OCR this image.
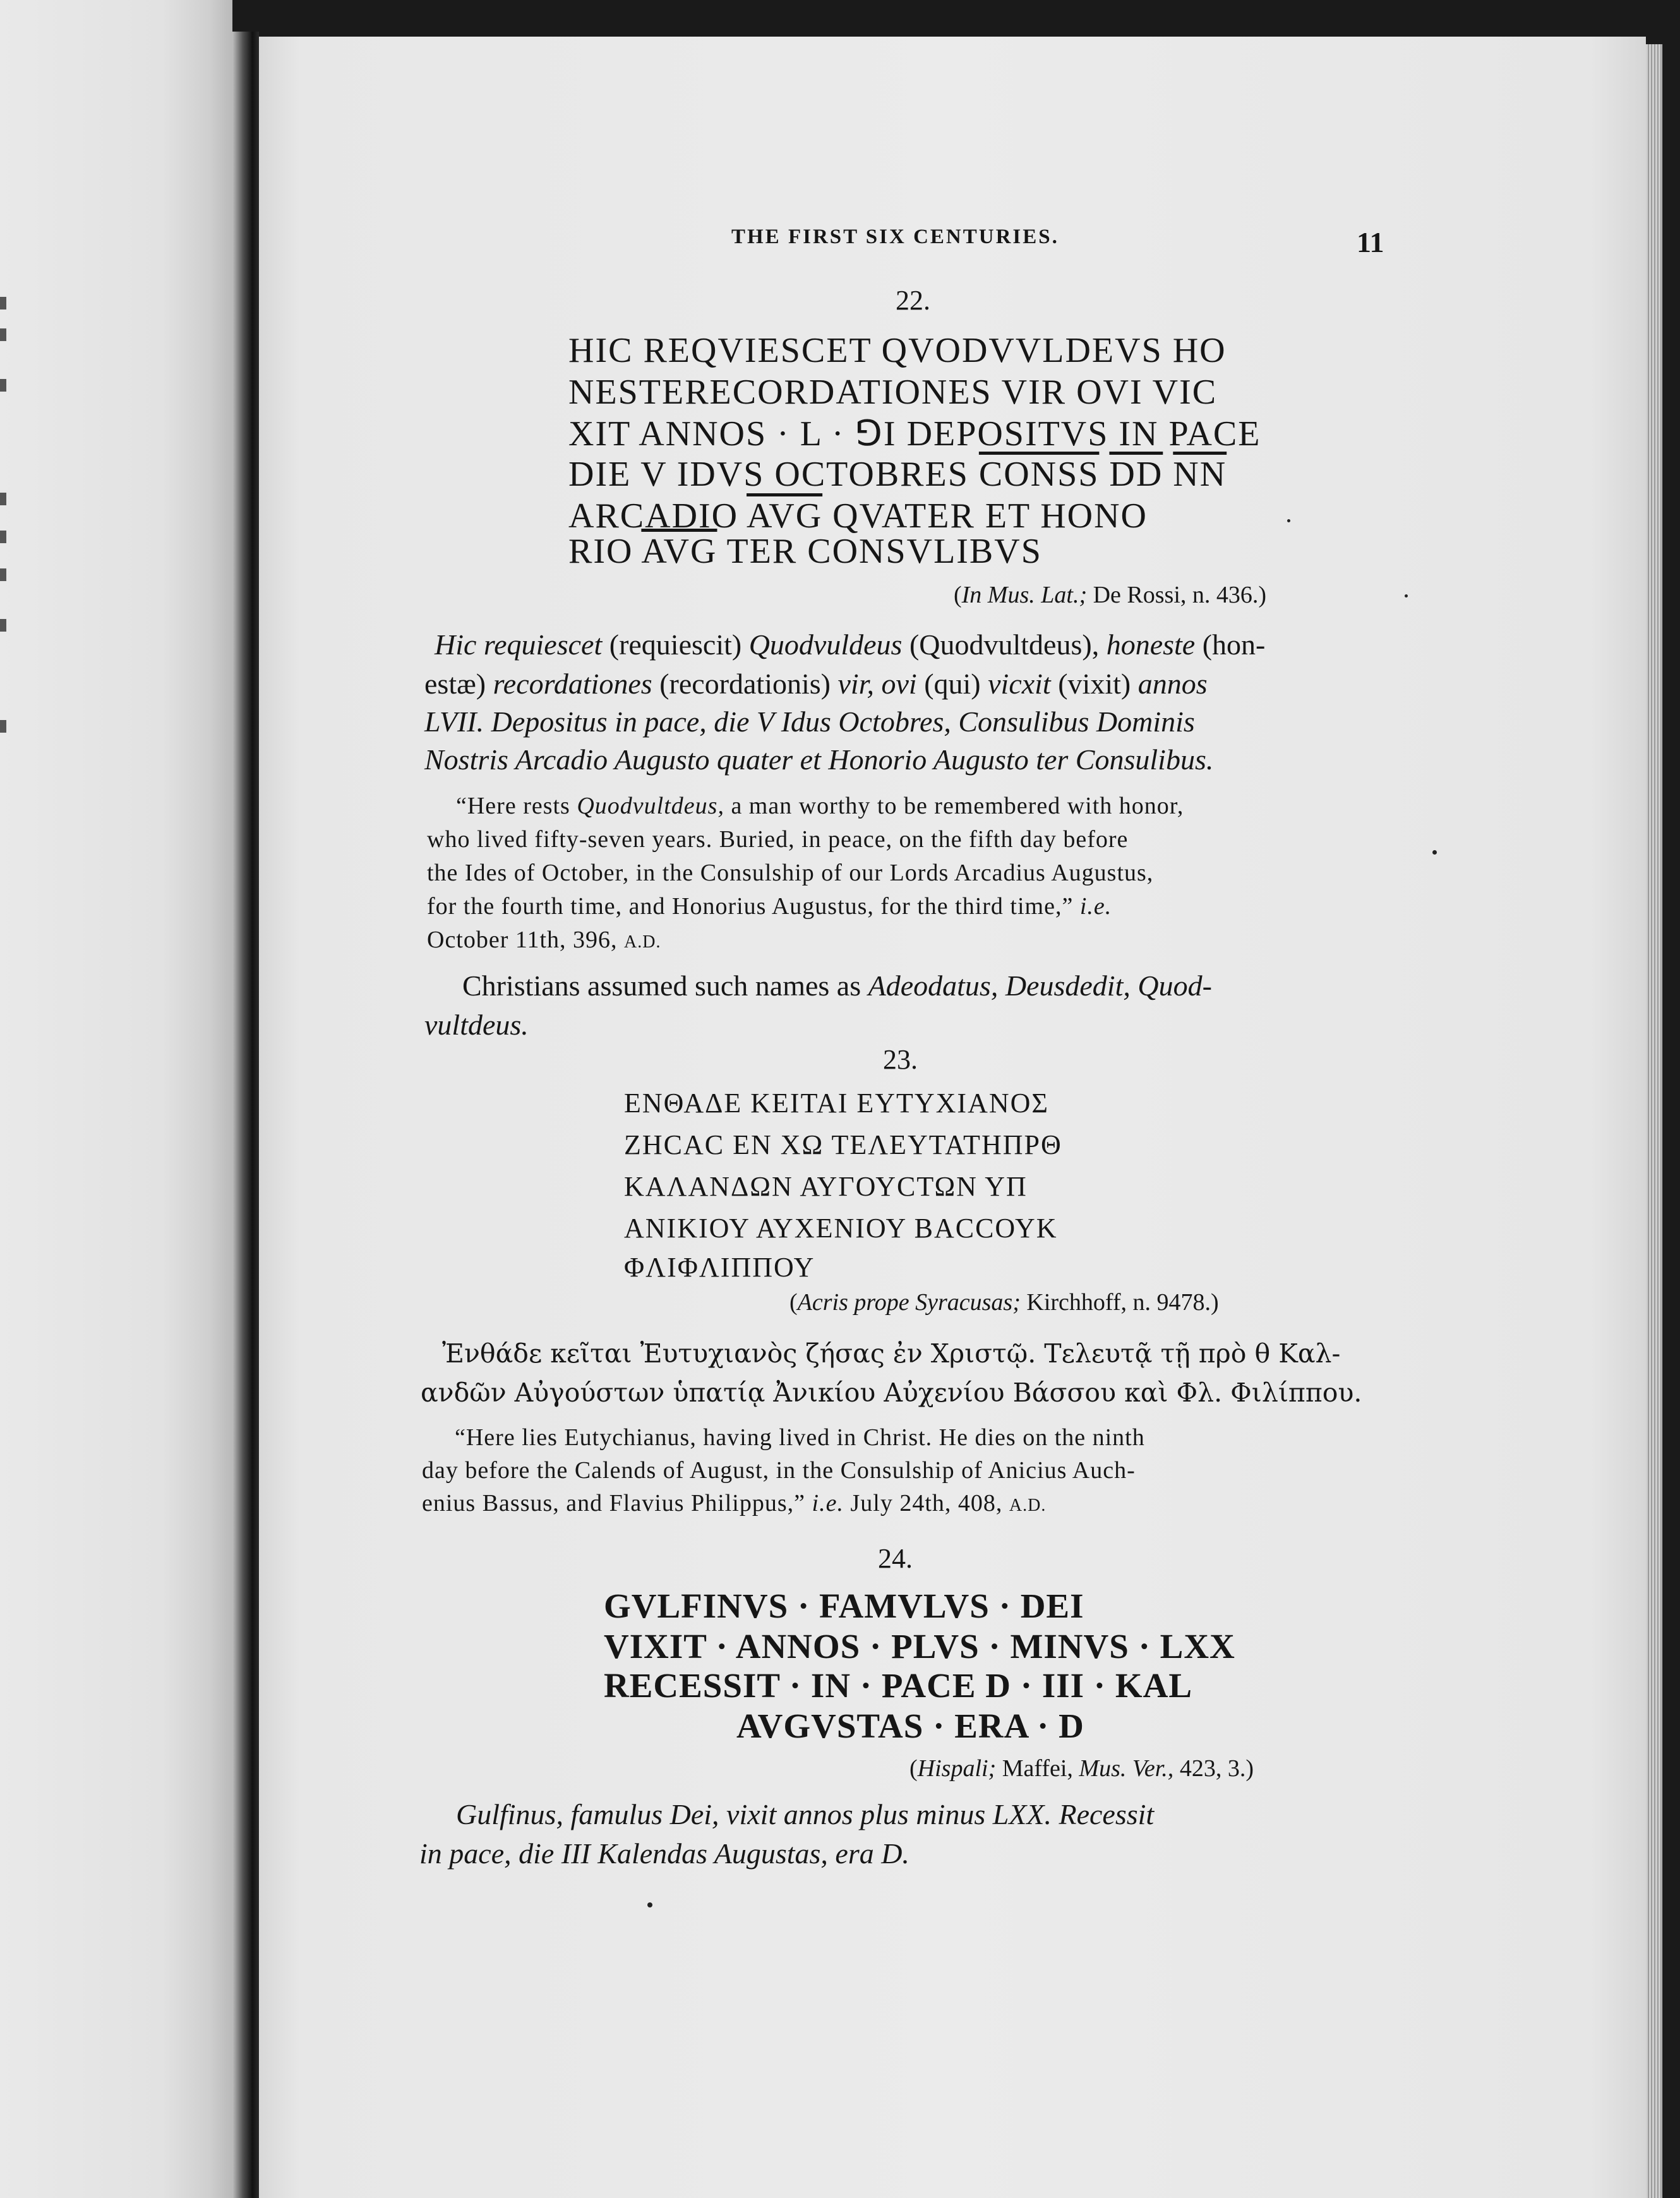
THE FIRST SIX CENTURIES.	11
22.
HIC REQVIESCET QVODVVLDEVS HO
NESTERECORDATIONES VIR OVI VIC
XIT ANNOS · L · ⅁I DEPOSITVS IN PACE
DIE V IDVS OCTOBRES CONSS $\overline{DD}$ $\overline{NN}$
ARCADIO $\overline{AVG}$ QVATER ET HONO
RIO $\overline{AVG}$ TER CONSVLIBVS
(In Mus. Lat.; De Rossi, n. 436.)
Hic requiescet (requiescit) Quodvuldeus (Quodvultdeus), honeste (hon-
estæ) recordationes (recordationis) vir, ovi (qui) vicxit (vixit) annos
LVII. Depositus in pace, die V Idus Octobres, Consulibus Dominis
Nostris Arcadio Augusto quater et Honorio Augusto ter Consulibus.
“Here rests Quodvultdeus, a man worthy to be remembered with honor,
who lived fifty-seven years. Buried, in peace, on the fifth day before
the Ides of October, in the Consulship of our Lords Arcadius Augustus,
for the fourth time, and Honorius Augustus, for the third time,” i.e.
October 11th, 396, A.D.
Christians assumed such names as Adeodatus, Deusdedit, Quod-
vultdeus.
23.
ΕΝΘΑΔΕ ΚΕΙΤΑΙ ΕΥΤΥΧΙΑΝΟΣ
ΖΗCΑC ΕΝ ΧΩ ΤΕΛΕΥΤΑΤΗΠΡΘ
ΚΑΛΑΝΔΩΝ ΑΥΓΟΥCΤΩΝ ΥΠ
ΑΝΙΚΙΟΥ ΑΥΧΕΝΙΟΥ ΒΑCCΟΥΚ
ΦΛΙΦΛΙΠΠΟΥ
(Acris prope Syracusas; Kirchhoff, n. 9478.)
Ἐνθάδε κεῖται Ἐυτυχιανὸς ζήσας ἐν Χριστῷ. Τελευτᾷ τῇ πρὸ θ Καλ-
ανδῶν Αὐγούστων ὑπατίᾳ Ἀνικίου Αὐχενίου Βάσσου καὶ Φλ. Φιλίππου.
“Here lies Eutychianus, having lived in Christ. He dies on the ninth
day before the Calends of August, in the Consulship of Anicius Auch-
enius Bassus, and Flavius Philippus,” i.e. July 24th, 408, A.D.
24.
GVLFINVS · FAMVLVS · DEI
VIXIT · ANNOS · PLVS · MINVS · LXX
RECESSIT · IN · PACE D · III · KAL
AVGVSTAS · ERA · D
(Hispali; Maffei, Mus. Ver., 423, 3.)
Gulfinus, famulus Dei, vixit annos plus minus LXX. Recessit
in pace, die III Kalendas Augustas, era D.
